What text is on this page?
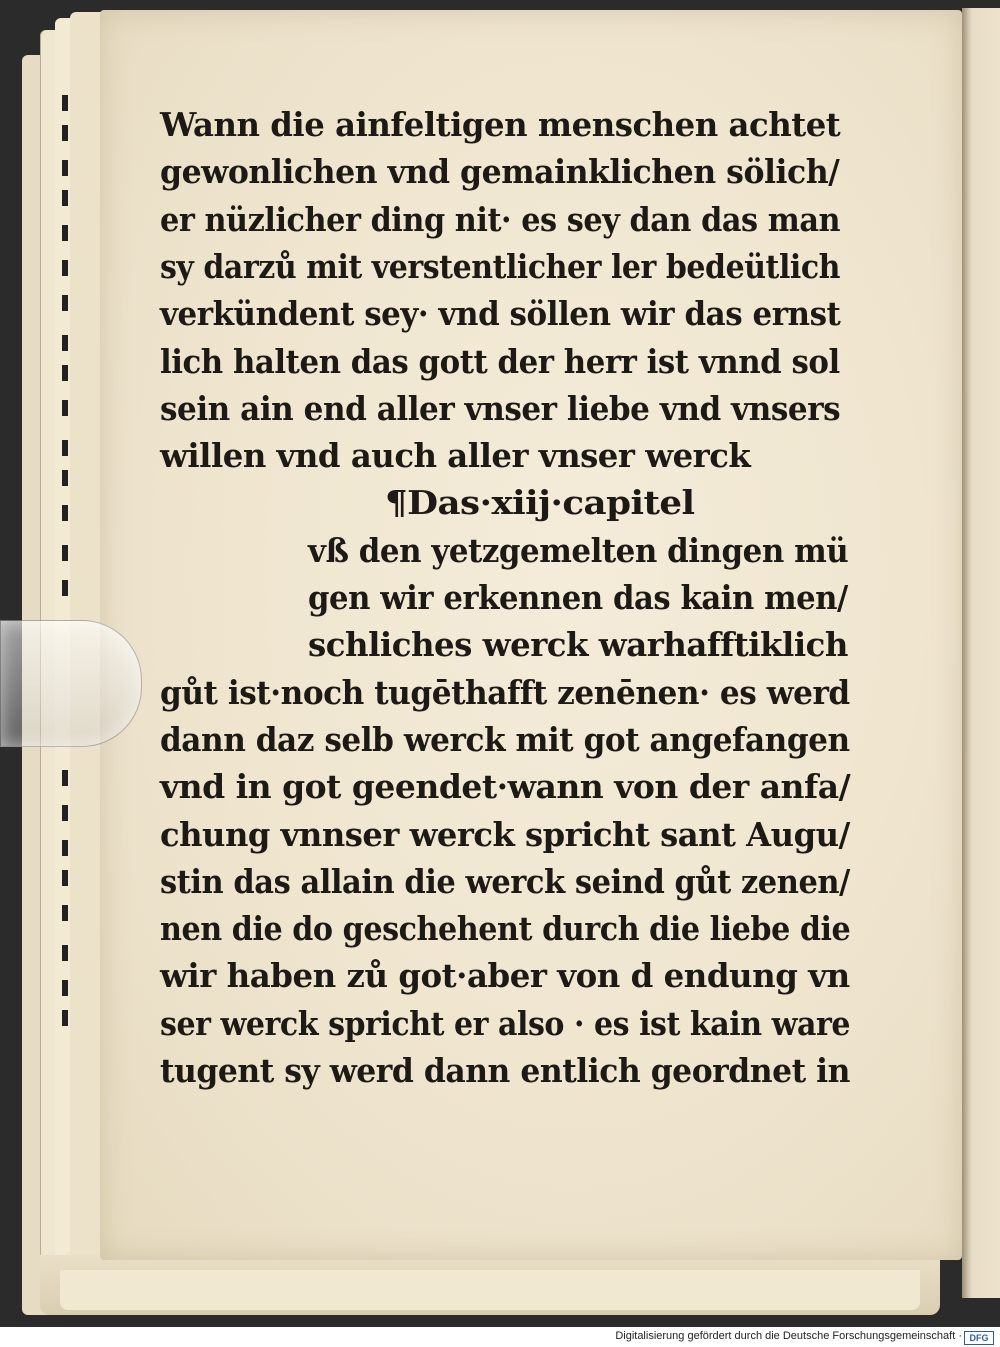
Wann die ainfeltigen menschen achtet
gewonlichen vnd gemainklichen sölich/
er nüzlicher ding nit· es sey dan das man
sy darzů mit verstentlicher ler bedeütlich
verkündent sey· vnd söllen wir das ernst
lich halten das gott der herr ist vnnd sol
sein ain end aller vnser liebe vnd vnsers
willen vnd auch aller vnser werck
¶Das·xiij·capitel
vß den yetzgemelten dingen mü
gen wir erkennen das kain men/
schliches werck warhafftiklich
gůt ist·noch tugēthafft zenēnen· es werd
dann daz selb werck mit got angefangen
vnd in got geendet·wann von der anfa/
chung vnnser werck spricht sant Augu/
stin das allain die werck seind gůt zenen/
nen die do geschehent durch die liebe die
wir haben zů got·aber von d endung vn
ser werck spricht er also · es ist kain ware
tugent sy werd dann entlich geordnet in
Digitalisierung gefördert durch die Deutsche Forschungsgemeinschaft · DFG
